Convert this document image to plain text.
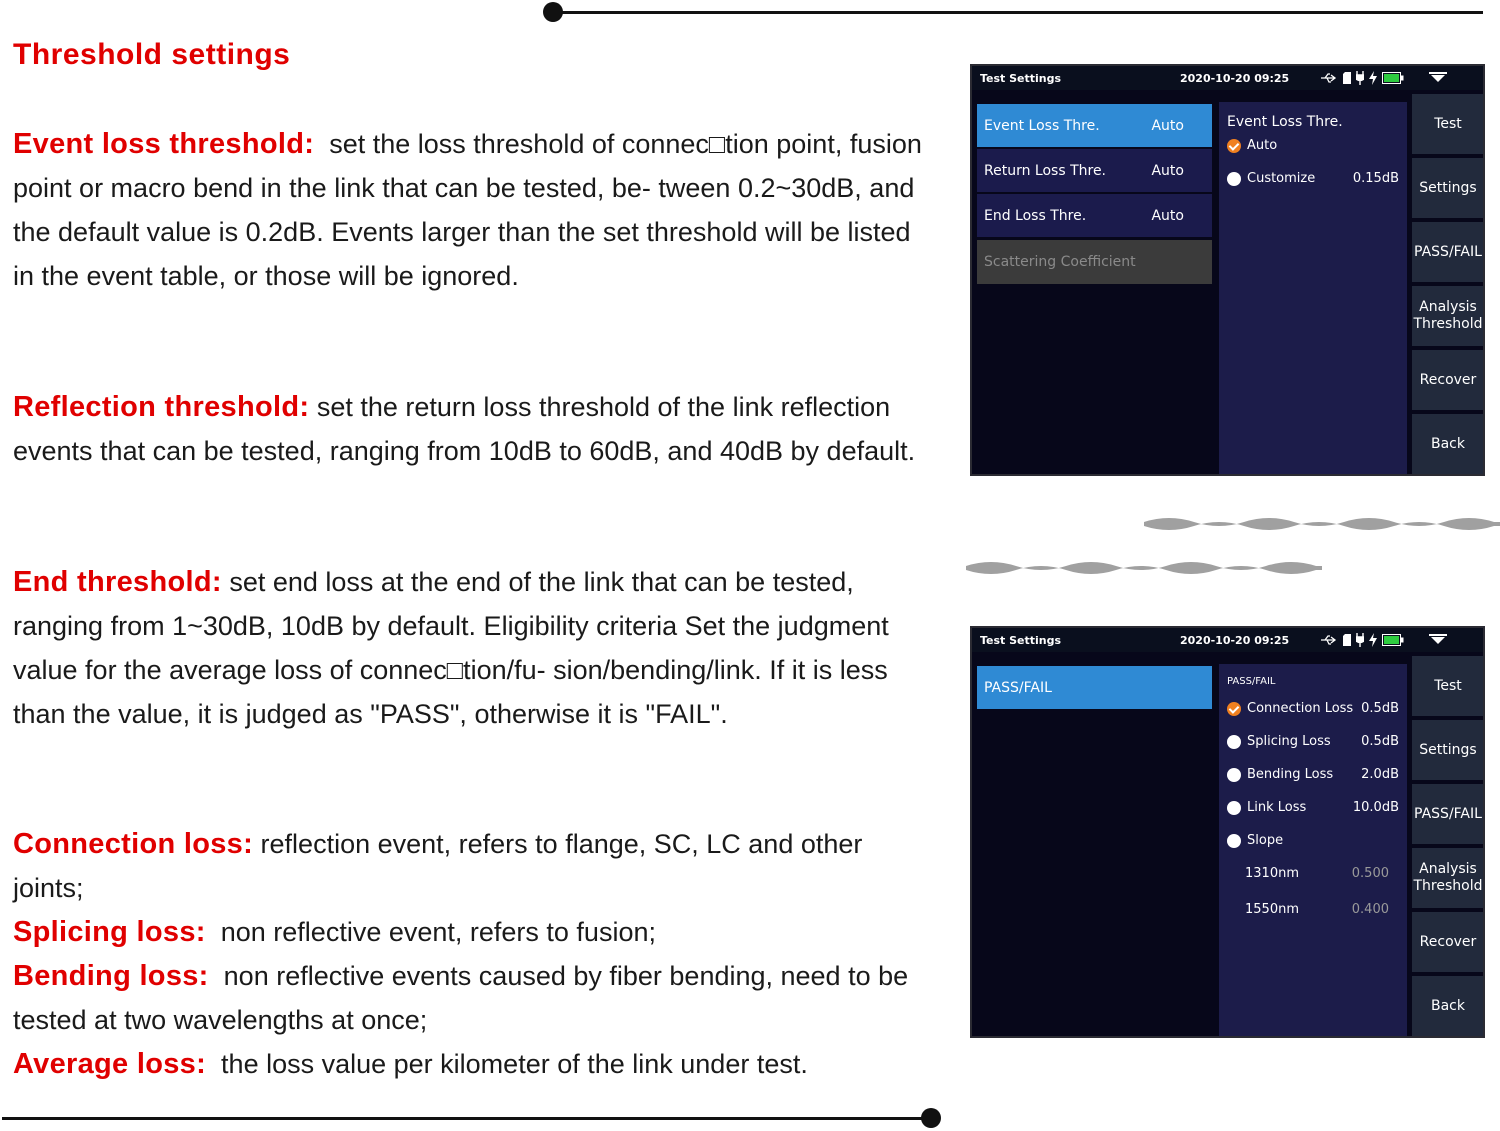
Threshold settings
Event loss threshold: set the loss threshold of connec□tion point, fusion point or macro bend in the link that can be tested, be- tween 0.2~30dB, and the default value is 0.2dB. Events larger than the set threshold will be listed in the event table, or those will be ignored.
Reflection threshold: set the return loss threshold of the link reflection events that can be tested, ranging from 10dB to 60dB, and 40dB by default.
End threshold: set end loss at the end of the link that can be tested, ranging from 1~30dB, 10dB by default. Eligibility criteria Set the judgment value for the average loss of connec□tion/fu- sion/bending/link. If it is less than the value, it is judged as "PASS", otherwise it is "FAIL".
Connection loss: reflection event, refers to flange, SC, LC and other joints;
Splicing loss: non reflective event, refers to fusion;
Bending loss: non reflective events caused by fiber bending, need to be tested at two wavelengths at once;
Average loss: the loss value per kilometer of the link under test.
Test Settings	2020-10-20 09:25
Event Loss Thre.	Auto
Return Loss Thre.	Auto
End Loss Thre.	Auto
Scattering Coefficient
Event Loss Thre.
Auto
Customize	0.15dB
Test
Settings
PASS/FAIL
Analysis Threshold
Recover
Back
Test Settings	2020-10-20 09:25
PASS/FAIL	PASS/FAIL
Connection Loss 0.5dB
Splicing Loss	0.5dB
Bending Loss	2.0dB
Link Loss	10.0dB
Slope
1310nm	0.500
1550nm	0.400
Test
Settings
PASS/FAIL
Analysis Threshold
Recover
Back
